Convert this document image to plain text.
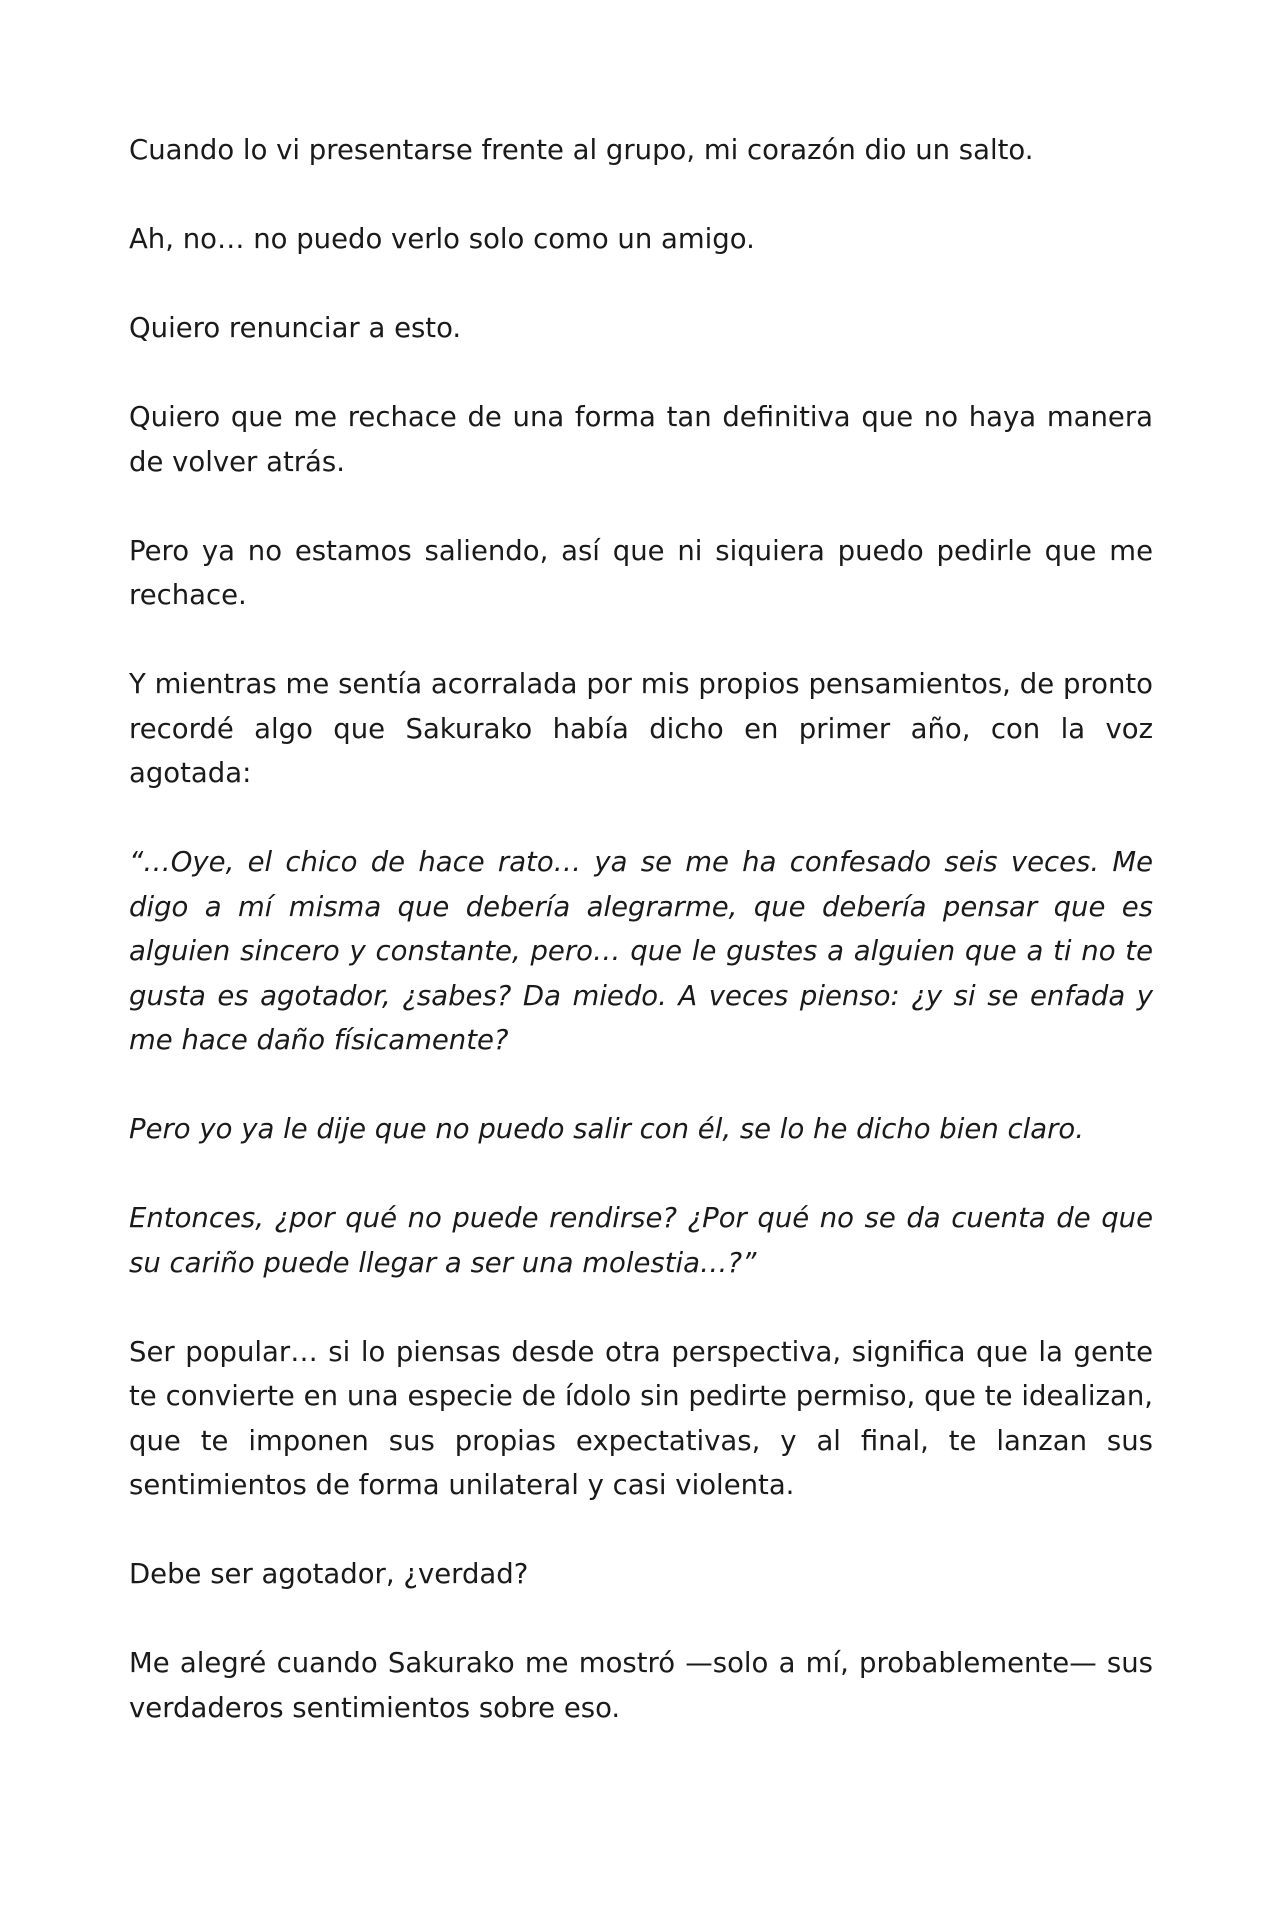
Cuando lo vi presentarse frente al grupo, mi corazón dio un salto.

Ah, no… no puedo verlo solo como un amigo.

Quiero renunciar a esto.

Quiero que me rechace de una forma tan definitiva que no haya manera de volver atrás.

Pero ya no estamos saliendo, así que ni siquiera puedo pedirle que me rechace.

Y mientras me sentía acorralada por mis propios pensamientos, de pronto recordé algo que Sakurako había dicho en primer año, con la voz agotada:

“…Oye, el chico de hace rato… ya se me ha confesado seis veces. Me digo a mí misma que debería alegrarme, que debería pensar que es alguien sincero y constante, pero… que le gustes a alguien que a ti no te gusta es agotador, ¿sabes? Da miedo. A veces pienso: ¿y si se enfada y me hace daño físicamente?

Pero yo ya le dije que no puedo salir con él, se lo he dicho bien claro.

Entonces, ¿por qué no puede rendirse? ¿Por qué no se da cuenta de que su cariño puede llegar a ser una molestia…?”

Ser popular… si lo piensas desde otra perspectiva, significa que la gente te convierte en una especie de ídolo sin pedirte permiso, que te idealizan, que te imponen sus propias expectativas, y al final, te lanzan sus sentimientos de forma unilateral y casi violenta.

Debe ser agotador, ¿verdad?

Me alegré cuando Sakurako me mostró —solo a mí, probablemente— sus verdaderos sentimientos sobre eso.
